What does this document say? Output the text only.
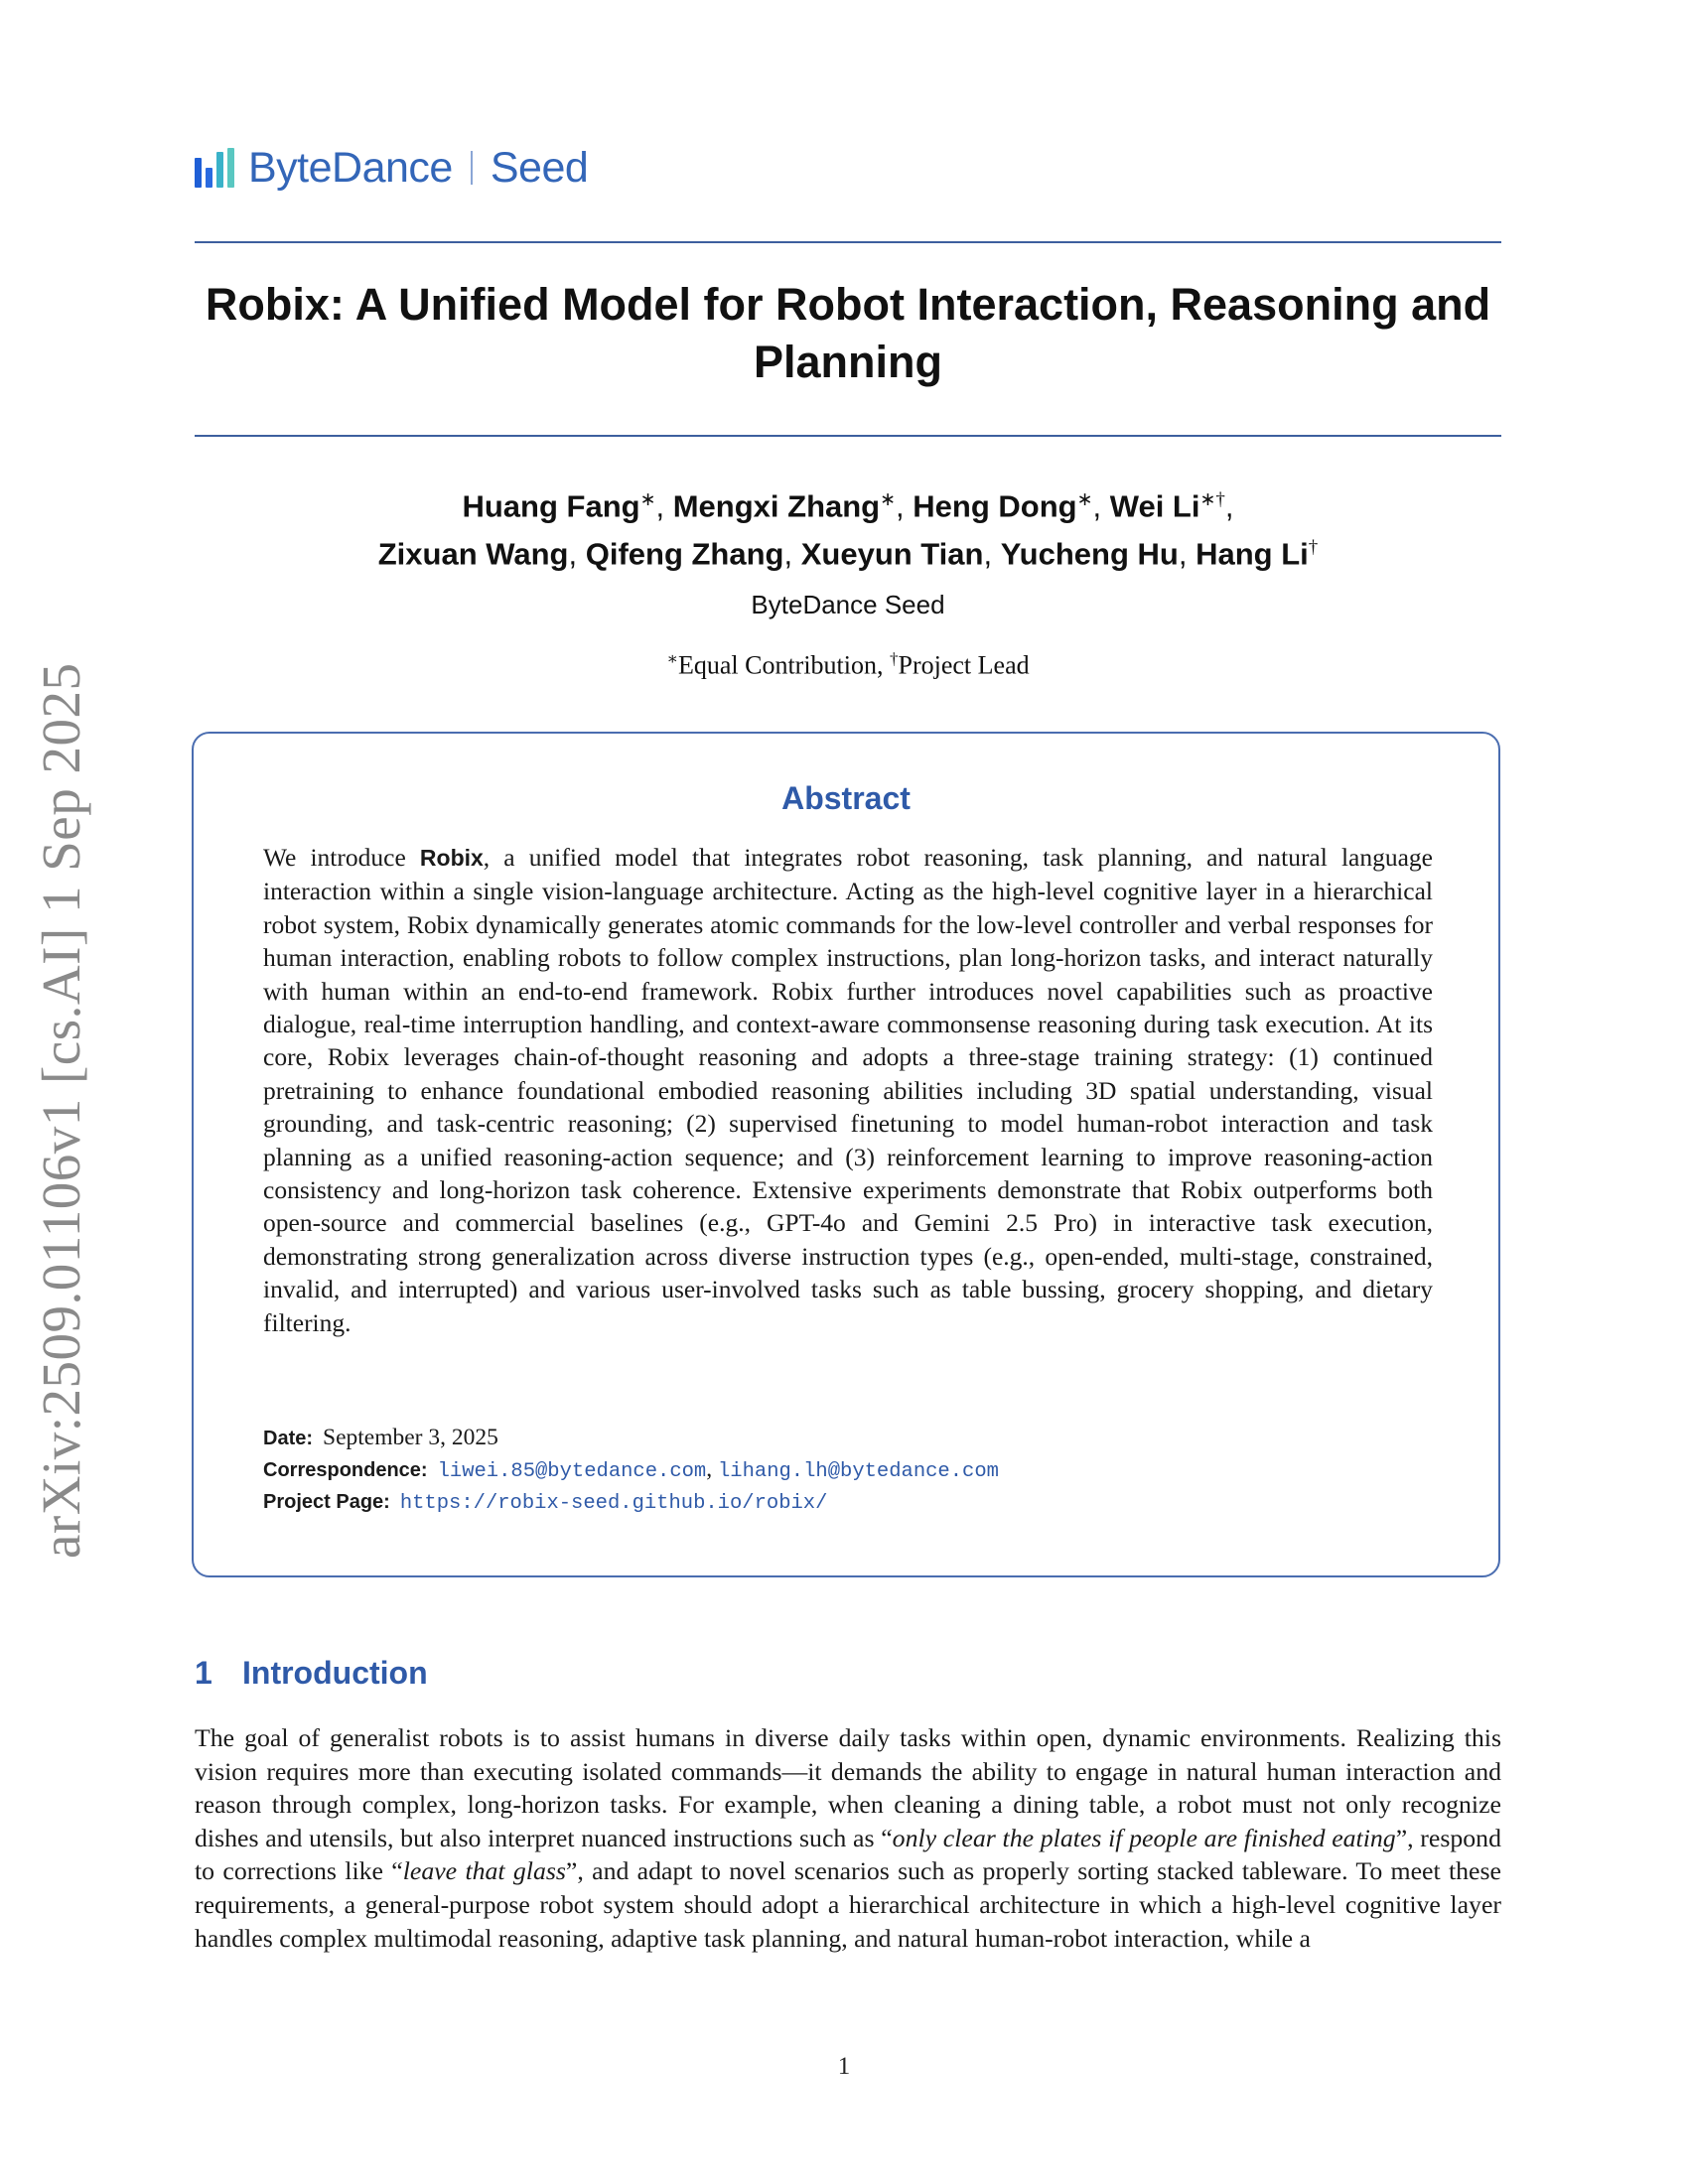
arXiv:2509.01106v1 [cs.AI] 1 Sep 2025
ByteDance Seed
Robix: A Unified Model for Robot Interaction, Reasoning and Planning
Huang Fang∗, Mengxi Zhang∗, Heng Dong∗, Wei Li∗†,
Zixuan Wang, Qifeng Zhang, Xueyun Tian, Yucheng Hu, Hang Li†
ByteDance Seed
∗Equal Contribution, †Project Lead
Abstract

We introduce Robix, a unified model that integrates robot reasoning, task planning, and natural language interaction within a single vision-language architecture. Acting as the high-level cognitive layer in a hierarchical robot system, Robix dynamically generates atomic commands for the low-level controller and verbal responses for human interaction, enabling robots to follow complex instructions, plan long-horizon tasks, and interact naturally with human within an end-to-end framework. Robix further introduces novel capabilities such as proactive dialogue, real-time interruption handling, and context-aware commonsense reasoning during task execution. At its core, Robix leverages chain-of-thought reasoning and adopts a three-stage training strategy: (1) continued pretraining to enhance foundational embodied reasoning abilities including 3D spatial understanding, visual grounding, and task-centric reasoning; (2) supervised finetuning to model human-robot interaction and task planning as a unified reasoning-action sequence; and (3) reinforcement learning to improve reasoning-action consistency and long-horizon task coherence. Extensive experiments demonstrate that Robix outperforms both open-source and commercial baselines (e.g., GPT-4o and Gemini 2.5 Pro) in interactive task execution, demonstrating strong generalization across diverse instruction types (e.g., open-ended, multi-stage, constrained, invalid, and interrupted) and various user-involved tasks such as table bussing, grocery shopping, and dietary filtering.

Date: September 3, 2025
Correspondence: liwei.85@bytedance.com, lihang.lh@bytedance.com
Project Page: https://robix-seed.github.io/robix/
1 Introduction

The goal of generalist robots is to assist humans in diverse daily tasks within open, dynamic environments. Realizing this vision requires more than executing isolated commands—it demands the ability to engage in natural human interaction and reason through complex, long-horizon tasks. For example, when cleaning a dining table, a robot must not only recognize dishes and utensils, but also interpret nuanced instructions such as “only clear the plates if people are finished eating”, respond to corrections like “leave that glass”, and adapt to novel scenarios such as properly sorting stacked tableware. To meet these requirements, a general-purpose robot system should adopt a hierarchical architecture in which a high-level cognitive layer handles complex multimodal reasoning, adaptive task planning, and natural human-robot interaction, while a

1
